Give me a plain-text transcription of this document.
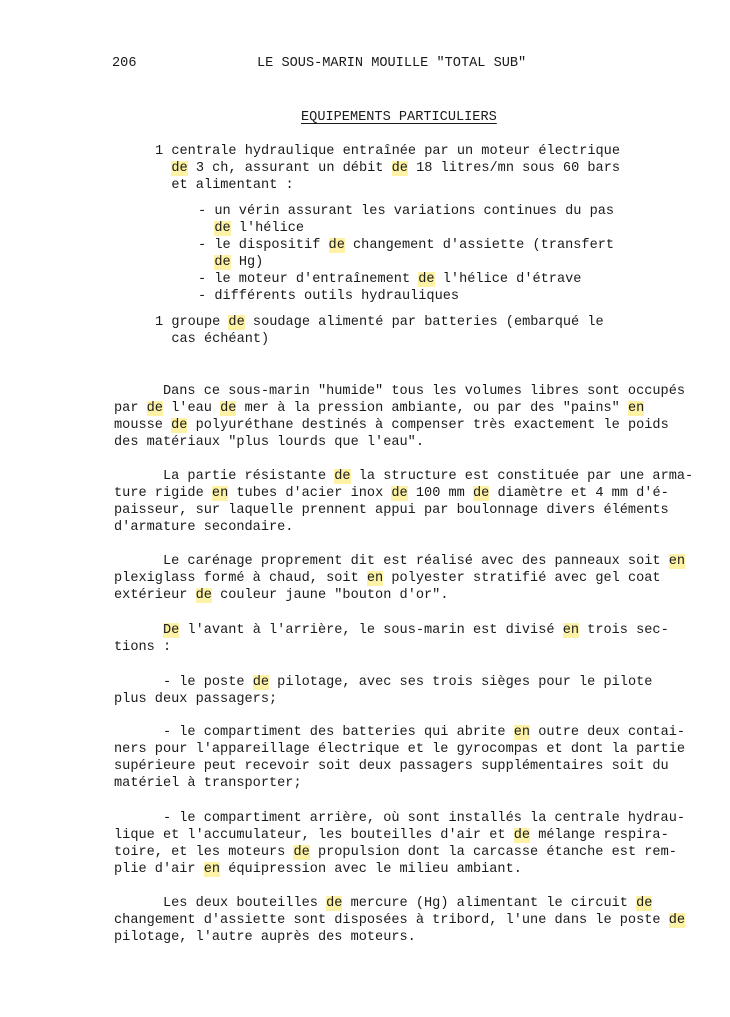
206	LE SOUS-MARIN MOUILLE "TOTAL SUB"
EQUIPEMENTS PARTICULIERS
1 centrale hydraulique entraînée par un moteur électrique
de 3 ch, assurant un débit de 18 litres/mn sous 60 bars
et alimentant :
- un vérin assurant les variations continues du pas
de l'hélice
- le dispositif de changement d'assiette (transfert
de Hg)
- le moteur d'entraînement de l'hélice d'étrave
- différents outils hydrauliques
1 groupe de soudage alimenté par batteries (embarqué le
cas échéant)
Dans ce sous-marin "humide" tous les volumes libres sont occupés
par de l'eau de mer à la pression ambiante, ou par des "pains" en
mousse de polyuréthane destinés à compenser très exactement le poids
des matériaux "plus lourds que l'eau".
La partie résistante de la structure est constituée par une arma-
ture rigide en tubes d'acier inox de 100 mm de diamètre et 4 mm d'é-
paisseur, sur laquelle prennent appui par boulonnage divers éléments
d'armature secondaire.
Le carénage proprement dit est réalisé avec des panneaux soit en
plexiglass formé à chaud, soit en polyester stratifié avec gel coat
extérieur de couleur jaune "bouton d'or".
De l'avant à l'arrière, le sous-marin est divisé en trois sec-
tions :
- le poste de pilotage, avec ses trois sièges pour le pilote
plus deux passagers;
- le compartiment des batteries qui abrite en outre deux contai-
ners pour l'appareillage électrique et le gyrocompas et dont la partie
supérieure peut recevoir soit deux passagers supplémentaires soit du
matériel à transporter;
- le compartiment arrière, où sont installés la centrale hydrau-
lique et l'accumulateur, les bouteilles d'air et de mélange respira-
toire, et les moteurs de propulsion dont la carcasse étanche est rem-
plie d'air en équipression avec le milieu ambiant.
Les deux bouteilles de mercure (Hg) alimentant le circuit de
changement d'assiette sont disposées à tribord, l'une dans le poste de
pilotage, l'autre auprès des moteurs.
